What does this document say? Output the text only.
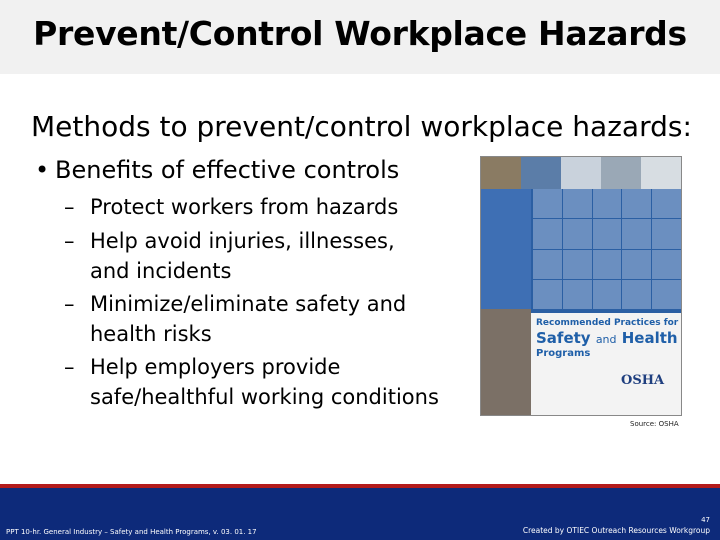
Prevent/Control Workplace Hazards
Methods to prevent/control workplace hazards:
• Benefits of effective controls
– Protect workers from hazards
– Help avoid injuries, illnesses,
and incidents
– Minimize/eliminate safety and
health risks
– Help employers provide
safe/healthful working conditions
Recommended Practices for
Safety and Health
Programs
OSHA
Source: OSHA
PPT 10-hr. General Industry – Safety and Health Programs, v. 03. 01. 17
47
Created by OTIEC Outreach Resources Workgroup
